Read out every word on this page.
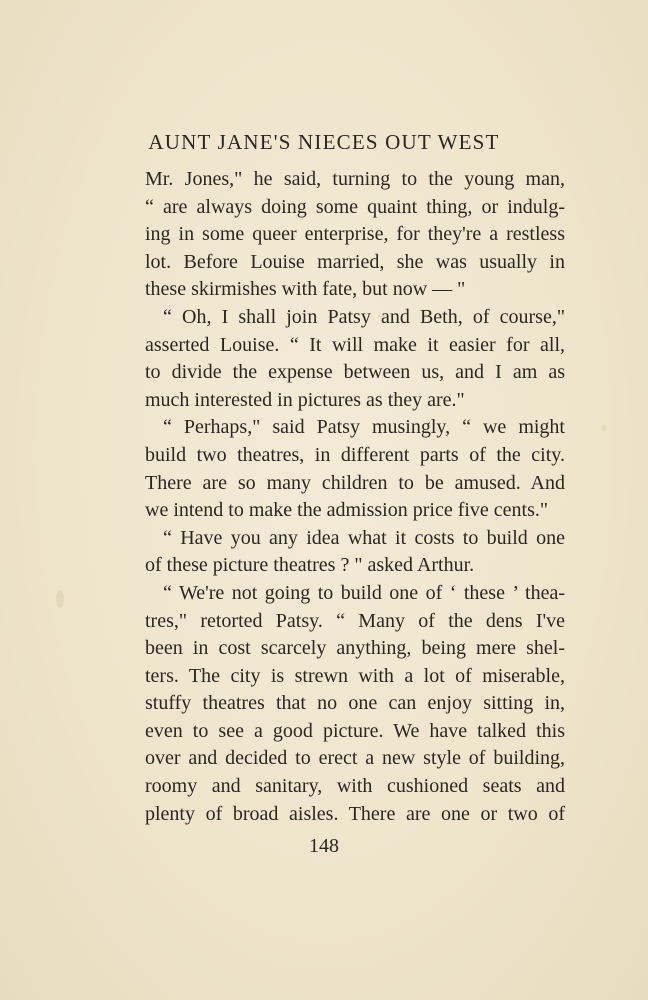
AUNT JANE'S NIECES OUT WEST
Mr. Jones," he said, turning to the young man,
“ are always doing some quaint thing, or indulg-
ing in some queer enterprise, for they're a restless
lot. Before Louise married, she was usually in
these skirmishes with fate, but now — "
“ Oh, I shall join Patsy and Beth, of course,"
asserted Louise. “ It will make it easier for all,
to divide the expense between us, and I am as
much interested in pictures as they are."
“ Perhaps," said Patsy musingly, “ we might
build two theatres, in different parts of the city.
There are so many children to be amused. And
we intend to make the admission price five cents."
“ Have you any idea what it costs to build one
of these picture theatres ? " asked Arthur.
“ We're not going to build one of ‘ these ’ thea-
tres," retorted Patsy. “ Many of the dens I've
been in cost scarcely anything, being mere shel-
ters. The city is strewn with a lot of miserable,
stuffy theatres that no one can enjoy sitting in,
even to see a good picture. We have talked this
over and decided to erect a new style of building,
roomy and sanitary, with cushioned seats and
plenty of broad aisles. There are one or two of
148
